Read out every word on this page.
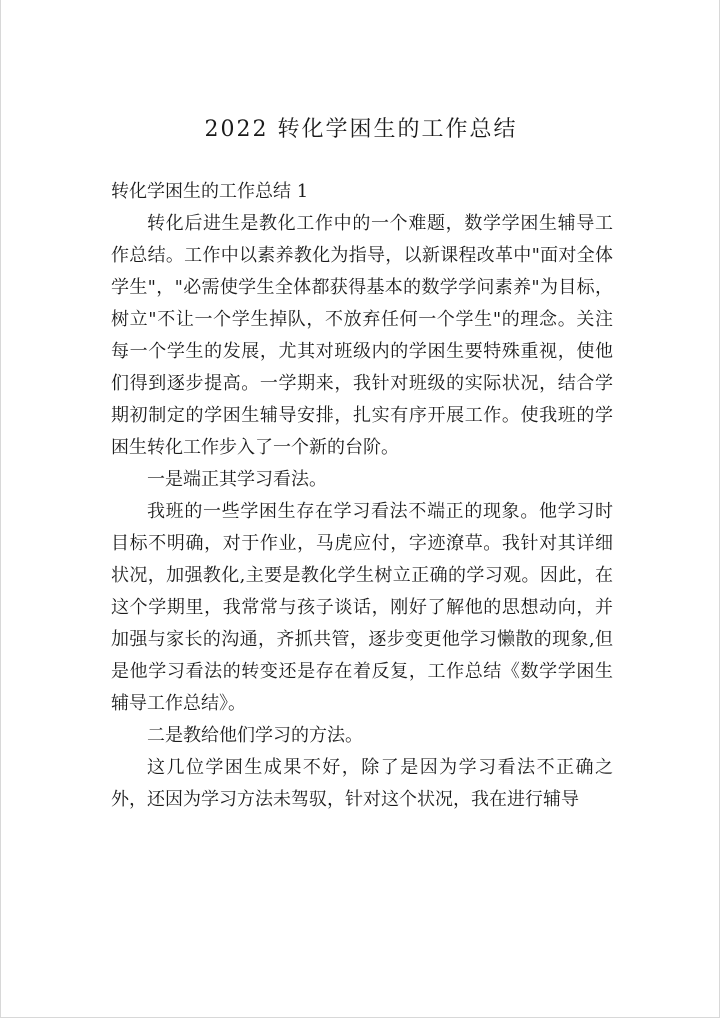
2022 转化学困生的工作总结
转化学困生的工作总结 1

转化后进生是教化工作中的一个难题，数学学困生辅导工作总结。工作中以素养教化为指导，以新课程改革中"面对全体学生"，"必需使学生全体都获得基本的数学学问素养"为目标，树立"不让一个学生掉队，不放弃任何一个学生"的理念。关注每一个学生的发展，尤其对班级内的学困生要特殊重视，使他们得到逐步提高。一学期来，我针对班级的实际状况，结合学期初制定的学困生辅导安排，扎实有序开展工作。使我班的学困生转化工作步入了一个新的台阶。

一是端正其学习看法。

我班的一些学困生存在学习看法不端正的现象。他学习时目标不明确，对于作业，马虎应付，字迹潦草。我针对其详细状况，加强教化,主要是教化学生树立正确的学习观。因此，在这个学期里，我常常与孩子谈话，刚好了解他的思想动向，并加强与家长的沟通，齐抓共管，逐步变更他学习懒散的现象,但是他学习看法的转变还是存在着反复，工作总结《数学学困生辅导工作总结》。

二是教给他们学习的方法。

这几位学困生成果不好，除了是因为学习看法不正确之外，还因为学习方法未驾驭，针对这个状况，我在进行辅导
